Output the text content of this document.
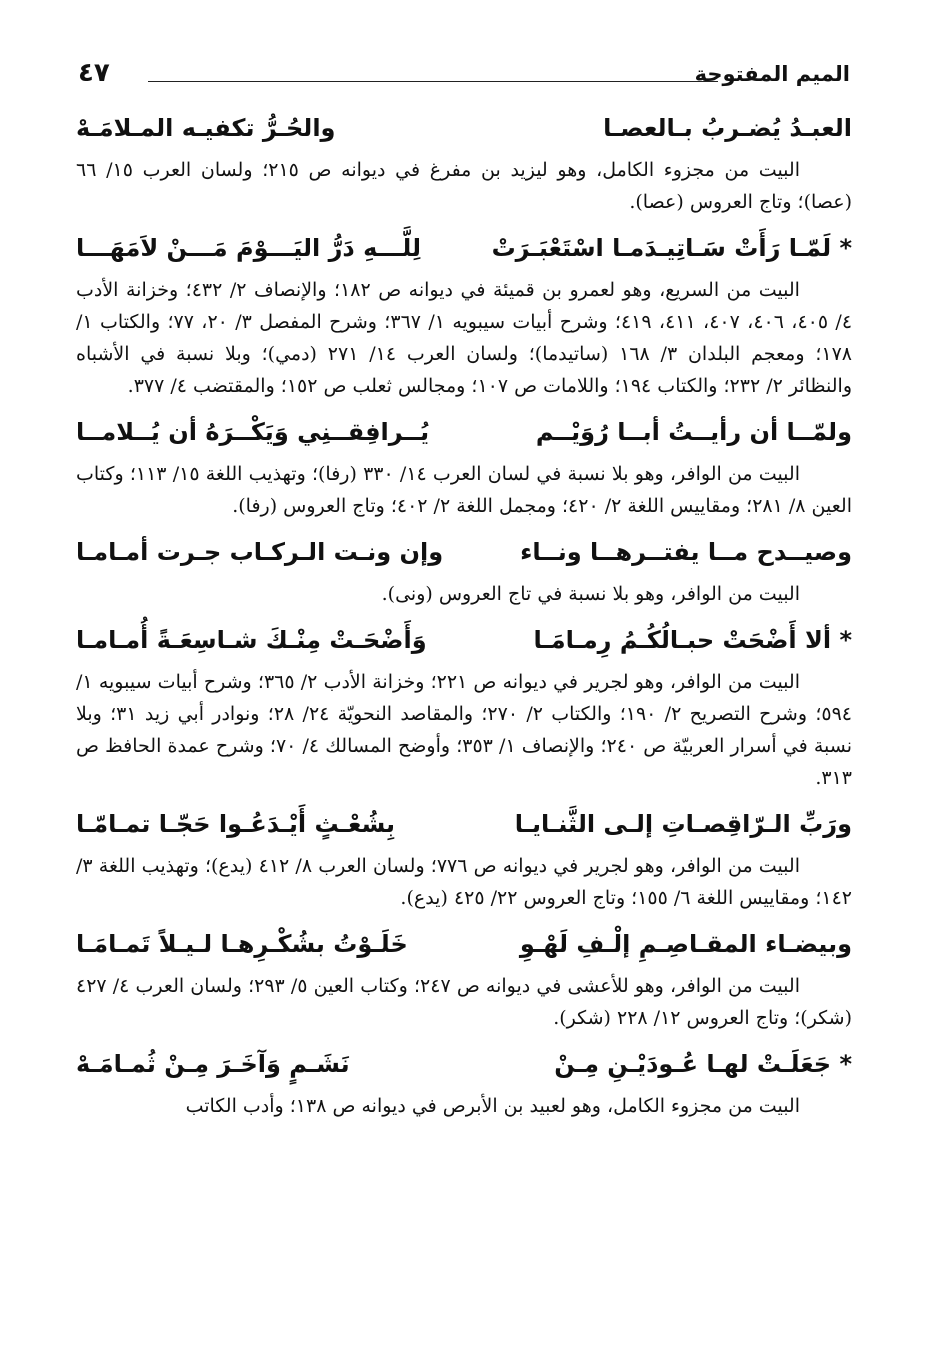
الميم المفتوحة
٤٧
العبـدُ يُضـربُ بـالعصـا
والحُـرُّ تكفيـه المـلامَـهْ

البيت من مجزوء الكامل، وهو ليزيد بن مفرغ في ديوانه ص ٢١٥؛ ولسان العرب ١٥/ ٦٦ (عصا)؛ وتاج العروس (عصا).

* لَمّـا رَأَتْ سَـاتِيـدَمـا اسْتَعْبَـرَتْ
لِلَّـــهِ دَرُّ اليَـــوْمَ مَـــنْ لاَمَهَـــا

البيت من السريع، وهو لعمرو بن قميئة في ديوانه ص ١٨٢؛ والإنصاف ٢/ ٤٣٢؛ وخزانة الأدب ٤/ ٤٠٥، ٤٠٦، ٤٠٧، ٤١١، ٤١٩؛ وشرح أبيات سيبويه ١/ ٣٦٧؛ وشرح المفصل ٣/ ٢٠، ٧٧؛ والكتاب ١/ ١٧٨؛ ومعجم البلدان ٣/ ١٦٨ (ساتيدما)؛ ولسان العرب ١٤/ ٢٧١ (دمي)؛ وبلا نسبة في الأشباه والنظائر ٢/ ٢٣٢؛ والكتاب ١٩٤؛ واللامات ص ١٠٧؛ ومجالس ثعلب ص ١٥٢؛ والمقتضب ٤/ ٣٧٧.

ولمّــا أن رأيــتُ أبــا رُوَيْــم
يُــرافِقــنِي وَيَكْــرَهُ أن يُــلامــا

البيت من الوافر، وهو بلا نسبة في لسان العرب ١٤/ ٣٣٠ (رفا)؛ وتهذيب اللغة ١٥/ ١١٣؛ وكتاب العين ٨/ ٢٨١؛ ومقاييس اللغة ٢/ ٤٢٠؛ ومجمل اللغة ٢/ ٤٠٢؛ وتاج العروس (رفا).

وصيــدح مــا يفتــرهــا ونــاء
وإن ونـت الـركـاب جـرت أمـامـا

البيت من الوافر، وهو بلا نسبة في تاج العروس (ونى).

* ألا أَضْحَتْ حبـالُكُـمُ رِمـامَـا
وَأَضْحَـتْ مِنْـكَ شـاسِعَـةً أُمـامـا

البيت من الوافر، وهو لجرير في ديوانه ص ٢٢١؛ وخزانة الأدب ٢/ ٣٦٥؛ وشرح أبيات سيبويه ١/ ٥٩٤؛ وشرح التصريح ٢/ ١٩٠؛ والكتاب ٢/ ٢٧٠؛ والمقاصد النحويّة ٢٤/ ٢٨؛ ونوادر أبي زيد ٣١؛ وبلا نسبة في أسرار العربيّة ص ٢٤٠؛ والإنصاف ١/ ٣٥٣؛ وأوضح المسالك ٤/ ٧٠؛ وشرح عمدة الحافظ ص ٣١٣.

ورَبِّ الـرّاقِصـاتِ إلـى الثَّنـايـا
بِشُعْـثٍ أَيْـدَعُـوا حَجّـا تمـامّـا

البيت من الوافر، وهو لجرير في ديوانه ص ٧٧٦؛ ولسان العرب ٨/ ٤١٢ (يدع)؛ وتهذيب اللغة ٣/ ١٤٢؛ ومقاييس اللغة ٦/ ١٥٥؛ وتاج العروس ٢٢/ ٤٢٥ (يدع).

وبيضـاء المقـاصِـمِ إلْـفِ لَهْـوِ
خَلَـوْتُ بشُكْـرِهـا لـيـلاً تَمـامَـا

البيت من الوافر، وهو للأعشى في ديوانه ص ٢٤٧؛ وكتاب العين ٥/ ٢٩٣؛ ولسان العرب ٤/ ٤٢٧ (شكر)؛ وتاج العروس ١٢/ ٢٢٨ (شكر).

* جَعَلَـتْ لهـا عُـودَيْـنِ مِـنْ
نَشَـمٍ وَآخَـرَ مِـنْ ثُمـامَـهْ

البيت من مجزوء الكامل، وهو لعبيد بن الأبرص في ديوانه ص ١٣٨؛ وأدب الكاتب
